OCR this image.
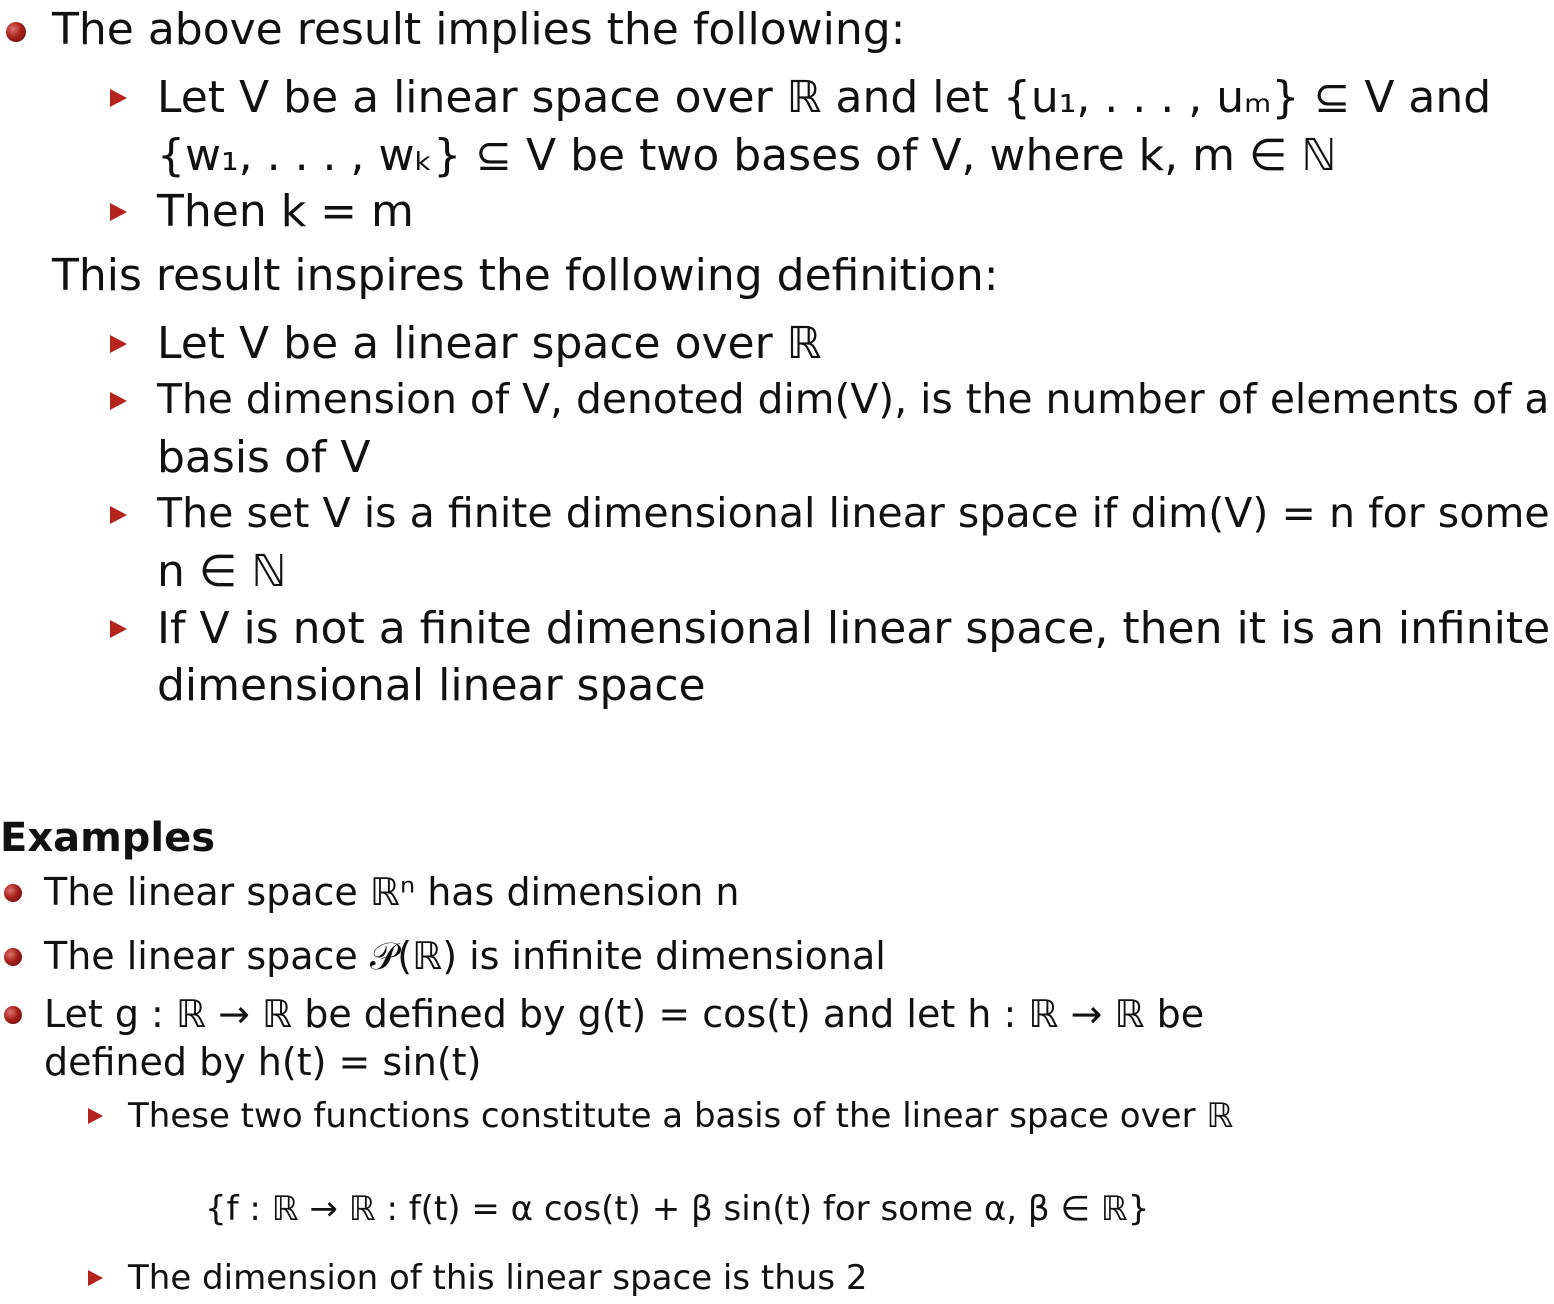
The above result implies the following:
Let V be a linear space over ℝ and let {u₁, . . . , uₘ} ⊆ V and
{w₁, . . . , wₖ} ⊆ V be two bases of V, where k, m ∈ ℕ
Then k = m
This result inspires the following definition:
Let V be a linear space over ℝ
The dimension of V, denoted dim(V), is the number of elements of a
basis of V
The set V is a finite dimensional linear space if dim(V) = n for some
n ∈ ℕ
If V is not a finite dimensional linear space, then it is an infinite
dimensional linear space
Examples
The linear space ℝⁿ has dimension n
The linear space 𝒫(ℝ) is infinite dimensional
Let g : ℝ → ℝ be defined by g(t) = cos(t) and let h : ℝ → ℝ be
defined by h(t) = sin(t)
These two functions constitute a basis of the linear space over ℝ
{f : ℝ → ℝ : f(t) = α cos(t) + β sin(t) for some α, β ∈ ℝ}
The dimension of this linear space is thus 2
